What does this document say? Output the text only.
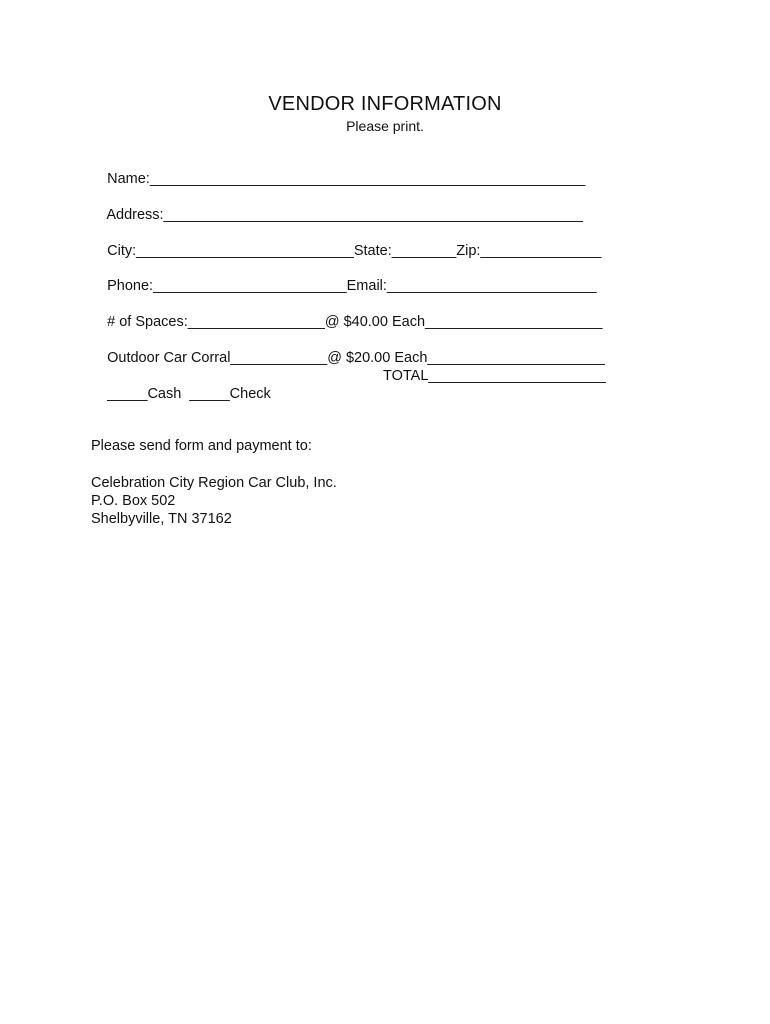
VENDOR INFORMATION
Please print.

Name:______________________________________________________

Address:____________________________________________________

City:___________________________State:________Zip:_______________

Phone:________________________Email:__________________________

# of Spaces:_________________@ $40.00 Each______________________

Outdoor Car Corral____________@ $20.00 Each______________________

_____Cash _____Check

TOTAL______________________
Please send form and payment to:
Celebration City Region Car Club, Inc.
P.O. Box 502
Shelbyville, TN 37162
